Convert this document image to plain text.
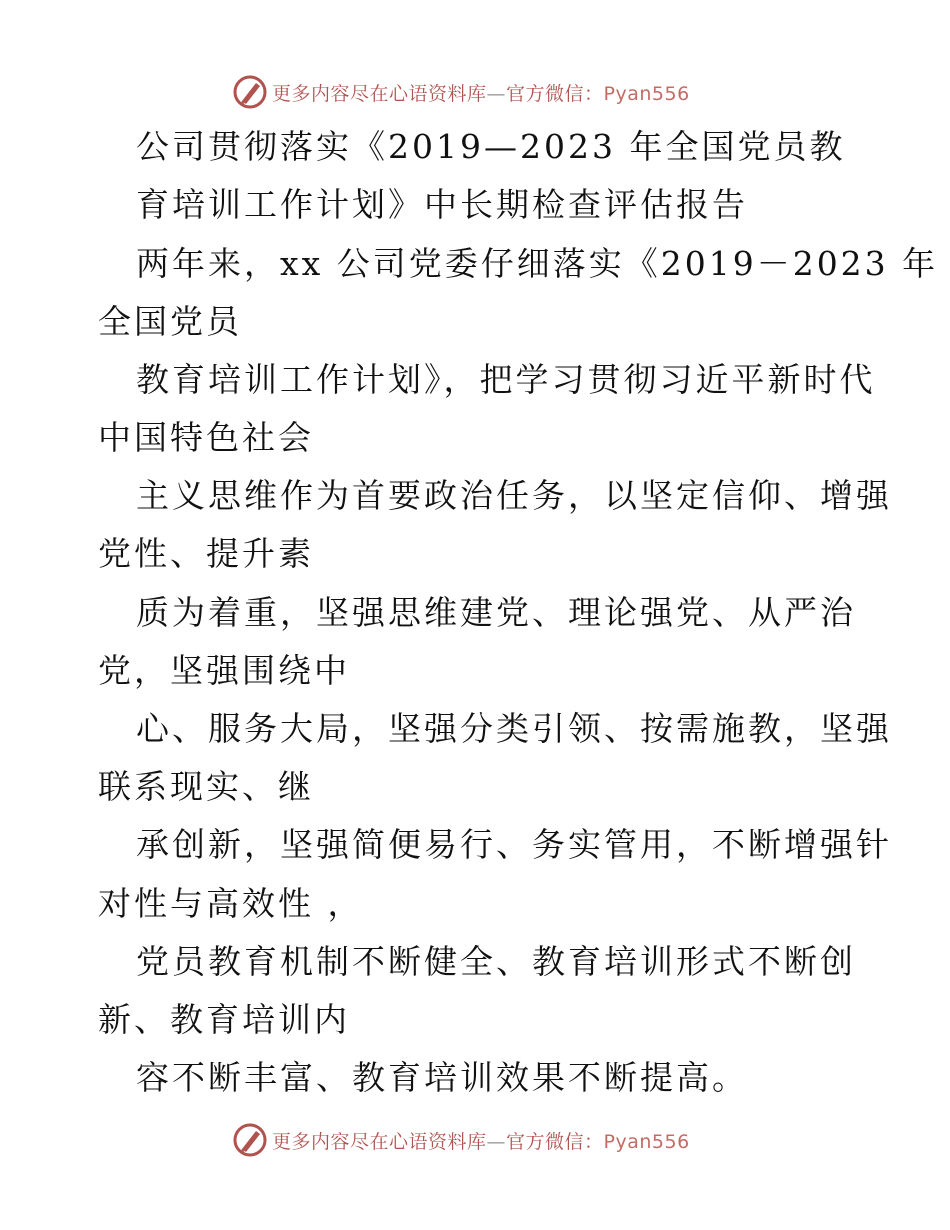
更多内容尽在心语资料库—官方微信：Pyan556
公司贯彻落实《2019—2023 年全国党员教
育培训工作计划》中长期检查评估报告
两年来，xx 公司党委仔细落实《2019－2023 年
全国党员
教育培训工作计划》，把学习贯彻习近平新时代
中国特色社会
主义思维作为首要政治任务，以坚定信仰、增强
党性、提升素
质为着重，坚强思维建党、理论强党、从严治
党，坚强围绕中
心、服务大局，坚强分类引领、按需施教，坚强
联系现实、继
承创新，坚强简便易行、务实管用，不断增强针
对性与高效性 ，
党员教育机制不断健全、教育培训形式不断创
新、教育培训内
容不断丰富、教育培训效果不断提高。
更多内容尽在心语资料库—官方微信：Pyan556
